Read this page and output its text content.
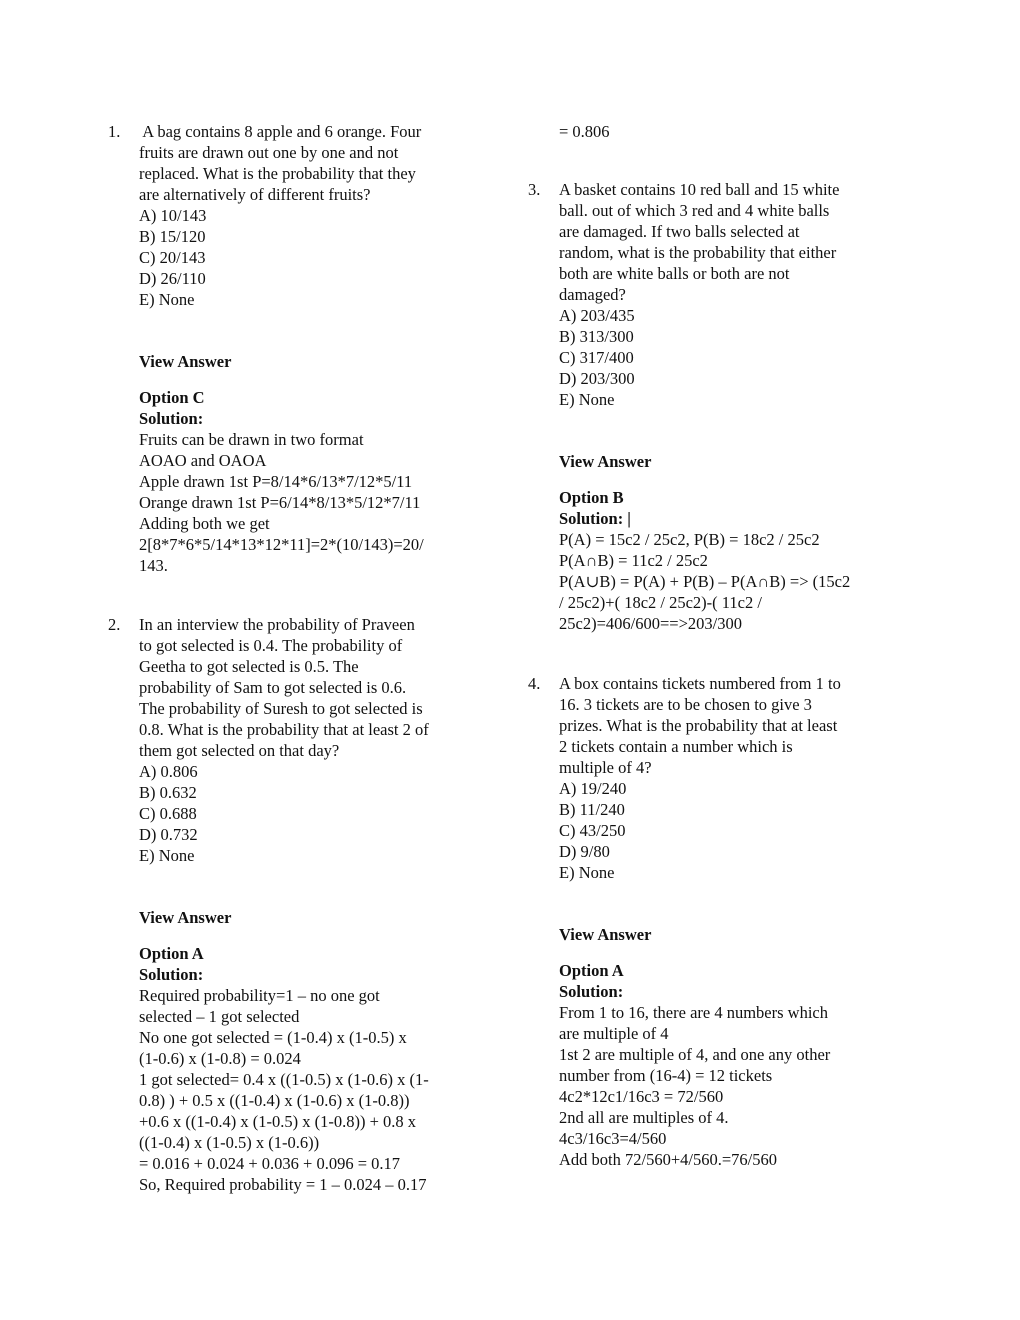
1. A bag contains 8 apple and 6 orange. Four
fruits are drawn out one by one and not
replaced. What is the probability that they
are alternatively of different fruits?
A) 10/143
B) 15/120
C) 20/143
D) 26/110
E) None
View Answer
Option C
Solution:
Fruits can be drawn in two format
AOAO and OAOA
Apple drawn 1st P=8/14*6/13*7/12*5/11
Orange drawn 1st P=6/14*8/13*5/12*7/11
Adding both we get
2[8*7*6*5/14*13*12*11]=2*(10/143)=20/
143.
2. In an interview the probability of Praveen
to got selected is 0.4. The probability of
Geetha to got selected is 0.5. The
probability of Sam to got selected is 0.6.
The probability of Suresh to got selected is
0.8. What is the probability that at least 2 of
them got selected on that day?
A) 0.806
B) 0.632
C) 0.688
D) 0.732
E) None
View Answer
Option A
Solution:
Required probability=1 – no one got
selected – 1 got selected
No one got selected = (1-0.4) x (1-0.5) x
(1-0.6) x (1-0.8) = 0.024
1 got selected= 0.4 x ((1-0.5) x (1-0.6) x (1-
0.8) ) + 0.5 x ((1-0.4) x (1-0.6) x (1-0.8))
+0.6 x ((1-0.4) x (1-0.5) x (1-0.8)) + 0.8 x
((1-0.4) x (1-0.5) x (1-0.6))
= 0.016 + 0.024 + 0.036 + 0.096 = 0.17
So, Required probability = 1 – 0.024 – 0.17
= 0.806
3. A basket contains 10 red ball and 15 white
ball. out of which 3 red and 4 white balls
are damaged. If two balls selected at
random, what is the probability that either
both are white balls or both are not
damaged?
A) 203/435
B) 313/300
C) 317/400
D) 203/300
E) None
View Answer
Option B
Solution: |
P(A) = 15c2 / 25c2, P(B) = 18c2 / 25c2
P(A∩B) = 11c2 / 25c2
P(A∪B) = P(A) + P(B) – P(A∩B) => (15c2
/ 25c2)+( 18c2 / 25c2)-( 11c2 /
25c2)=406/600==>203/300
4. A box contains tickets numbered from 1 to
16. 3 tickets are to be chosen to give 3
prizes. What is the probability that at least
2 tickets contain a number which is
multiple of 4?
A) 19/240
B) 11/240
C) 43/250
D) 9/80
E) None
View Answer
Option A
Solution:
From 1 to 16, there are 4 numbers which
are multiple of 4
1st 2 are multiple of 4, and one any other
number from (16-4) = 12 tickets
4c2*12c1/16c3 = 72/560
2nd all are multiples of 4.
4c3/16c3=4/560
Add both 72/560+4/560.=76/560
